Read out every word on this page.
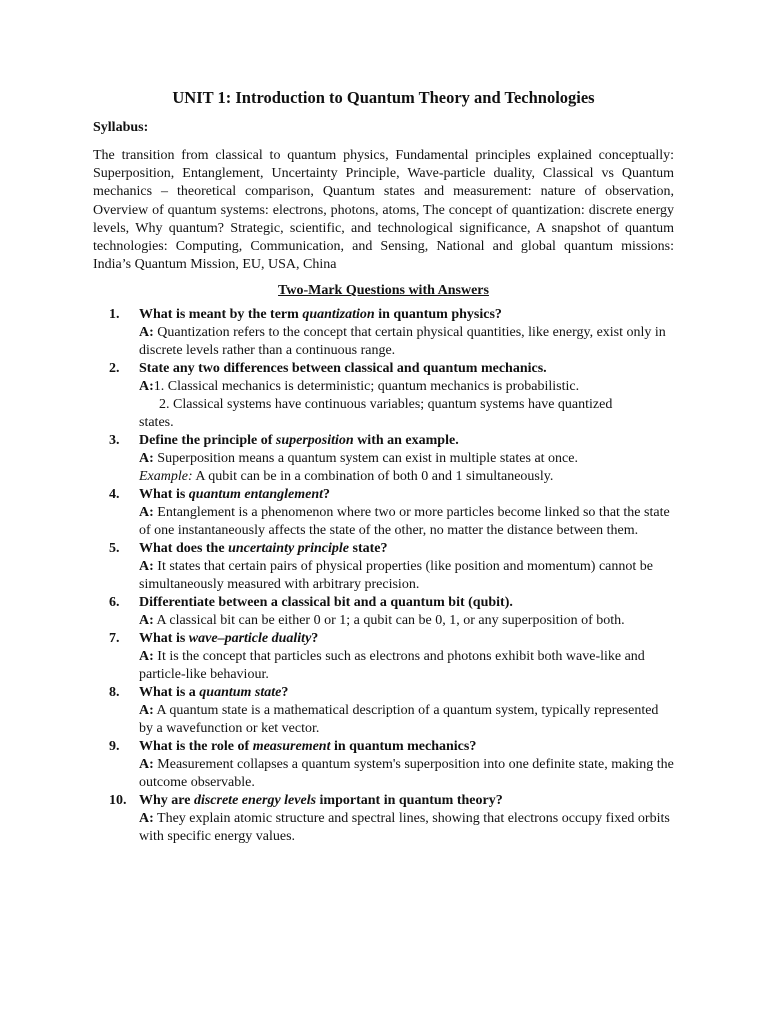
UNIT 1: Introduction to Quantum Theory and Technologies
Syllabus:

The transition from classical to quantum physics, Fundamental principles explained conceptually: Superposition, Entanglement, Uncertainty Principle, Wave-particle duality, Classical vs Quantum mechanics – theoretical comparison, Quantum states and measurement: nature of observation, Overview of quantum systems: electrons, photons, atoms, The concept of quantization: discrete energy levels, Why quantum? Strategic, scientific, and technological significance, A snapshot of quantum technologies: Computing, Communication, and Sensing, National and global quantum missions: India’s Quantum Mission, EU, USA, China

Two-Mark Questions with Answers
1.	What is meant by the term quantization in quantum physics?
A: Quantization refers to the concept that certain physical quantities, like energy, exist only in discrete levels rather than a continuous range.
2.	State any two differences between classical and quantum mechanics.
A:1. Classical mechanics is deterministic; quantum mechanics is probabilistic.
2. Classical systems have continuous variables; quantum systems have quantized
states.
3.	Define the principle of superposition with an example.
A: Superposition means a quantum system can exist in multiple states at once.
Example: A qubit can be in a combination of both 0 and 1 simultaneously.
4.	What is quantum entanglement?
A: Entanglement is a phenomenon where two or more particles become linked so that the state of one instantaneously affects the state of the other, no matter the distance between them.
5.	What does the uncertainty principle state?
A: It states that certain pairs of physical properties (like position and momentum) cannot be simultaneously measured with arbitrary precision.
6.	Differentiate between a classical bit and a quantum bit (qubit).
A: A classical bit can be either 0 or 1; a qubit can be 0, 1, or any superposition of both.
7.	What is wave–particle duality?
A: It is the concept that particles such as electrons and photons exhibit both wave-like and particle-like behaviour.
8.	What is a quantum state?
A: A quantum state is a mathematical description of a quantum system, typically represented by a wavefunction or ket vector.
9.	What is the role of measurement in quantum mechanics?
A: Measurement collapses a quantum system's superposition into one definite state, making the outcome observable.
10. Why are discrete energy levels important in quantum theory?
A: They explain atomic structure and spectral lines, showing that electrons occupy fixed orbits with specific energy values.
